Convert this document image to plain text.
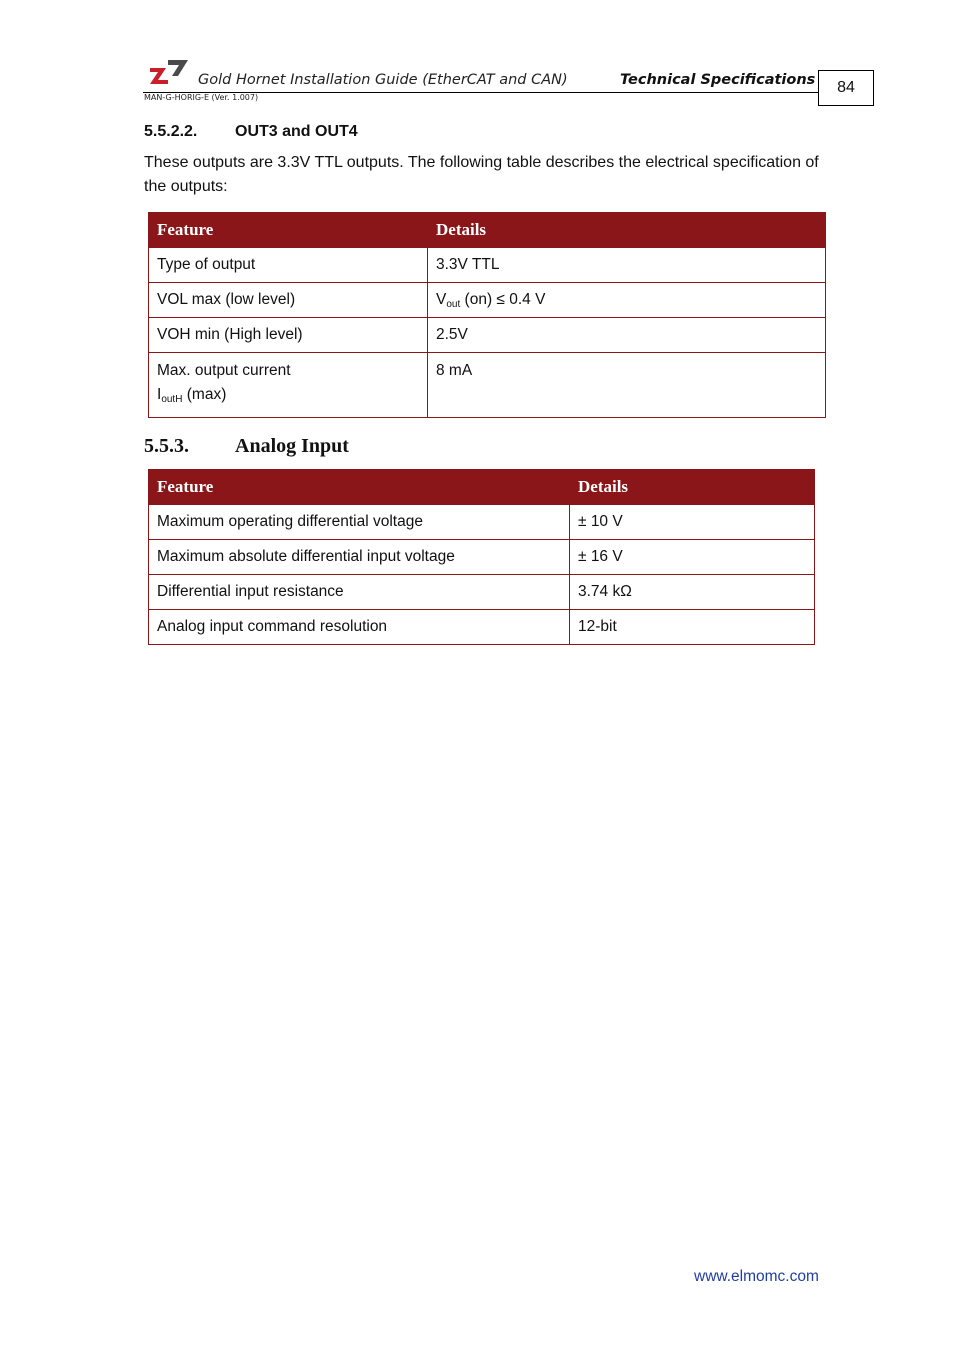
Gold Hornet Installation Guide (EtherCAT and CAN)	Technical Specifications	84
MAN-G-HORIG-E (Ver. 1.007)
5.5.2.2. OUT3 and OUT4
These outputs are 3.3V TTL outputs. The following table describes the electrical specification of the outputs:
Feature	Details
Type of output	3.3V TTL
VOL max (low level)	$V_{out}$ (on) ≤ 0.4 V
VOH min (High level)	2.5V
Max. output current
$I_{outH}$ (max)	8 mA
5.5.3. Analog Input
Feature	Details
Maximum operating differential voltage	± 10 V
Maximum absolute differential input voltage	± 16 V
Differential input resistance	3.74 kΩ
Analog input command resolution	12-bit
www.elmomc.com
